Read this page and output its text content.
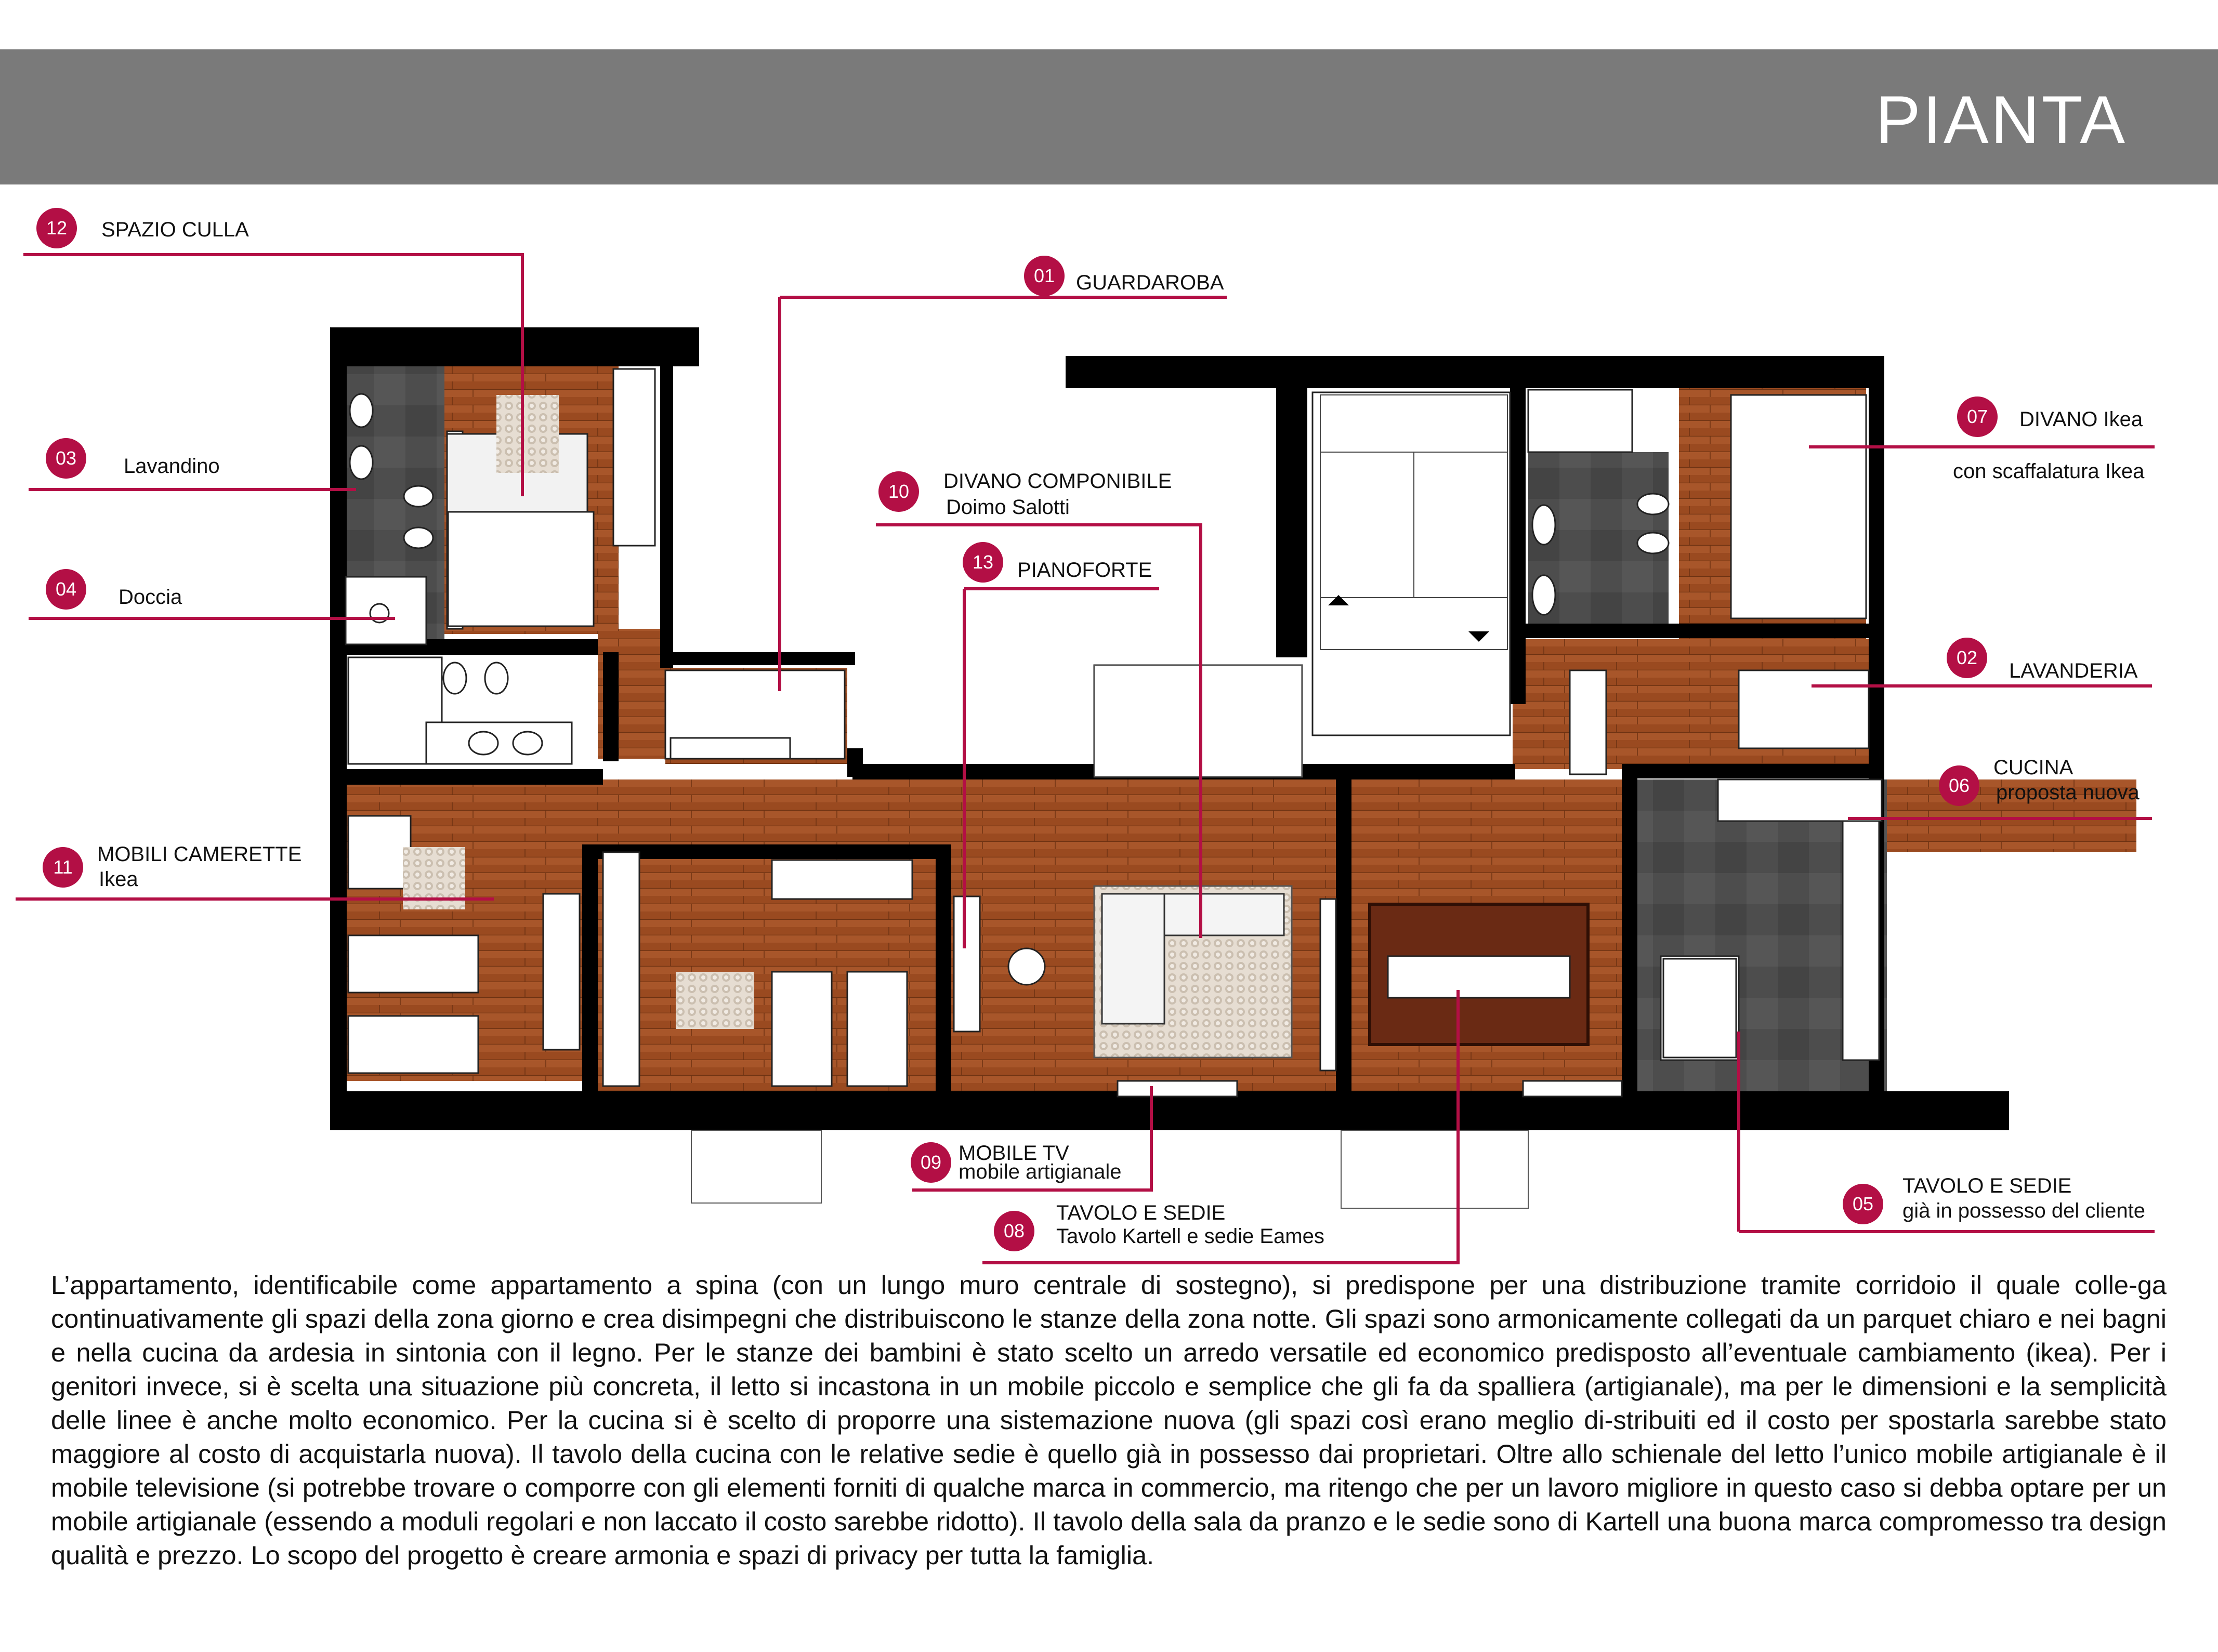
PIANTA
12	SPAZIO CULLA
01	GUARDAROBA
07	DIVANO Ikea
con scaffalatura Ikea
03	Lavandino
10	DIVANO COMPONIBILE
Doimo Salotti
13	PIANOFORTE
04	Doccia
02
LAVANDERIA
06
CUCINA
proposta nuova
11
MOBILI CAMERETTE
Ikea
09 MOBILE TV
mobile artigianale
05
TAVOLO E SEDIE
già in possesso del cliente
08
TAVOLO E SEDIE
Tavolo Kartell e sedie Eames
L’appartamento, identificabile come appartamento a spina (con un lungo muro centrale di sostegno), si predispone per una distribuzione tramite corridoio il quale colle-ga continuativamente gli spazi della zona giorno e crea disimpegni che distribuiscono le stanze della zona notte. Gli spazi sono armonicamente collegati da un parquet chiaro e nei bagni e nella cucina da ardesia in sintonia con il legno. Per le stanze dei bambini è stato scelto un arredo versatile ed economico predisposto all’eventuale cambiamento (ikea). Per i genitori invece, si è scelta una situazione più concreta, il letto si incastona in un mobile piccolo e semplice che gli fa da spalliera (artigianale), ma per le dimensioni e la semplicità delle linee è anche molto economico. Per la cucina si è scelto di proporre una sistemazione nuova (gli spazi così erano meglio di-stribuiti ed il costo per spostarla sarebbe stato maggiore al costo di acquistarla nuova). Il tavolo della cucina con le relative sedie è quello già in possesso dai proprietari. Oltre allo schienale del letto l’unico mobile artigianale è il mobile televisione (si potrebbe trovare o comporre con gli elementi forniti di qualche marca in commercio, ma ritengo che per un lavoro migliore in questo caso si debba optare per un mobile artigianale (essendo a moduli regolari e non laccato il costo sarebbe ridotto). Il tavolo della sala da pranzo e le sedie sono di Kartell una buona marca compromesso tra design qualità e prezzo. Lo scopo del progetto è creare armonia e spazi di privacy per tutta la famiglia.
